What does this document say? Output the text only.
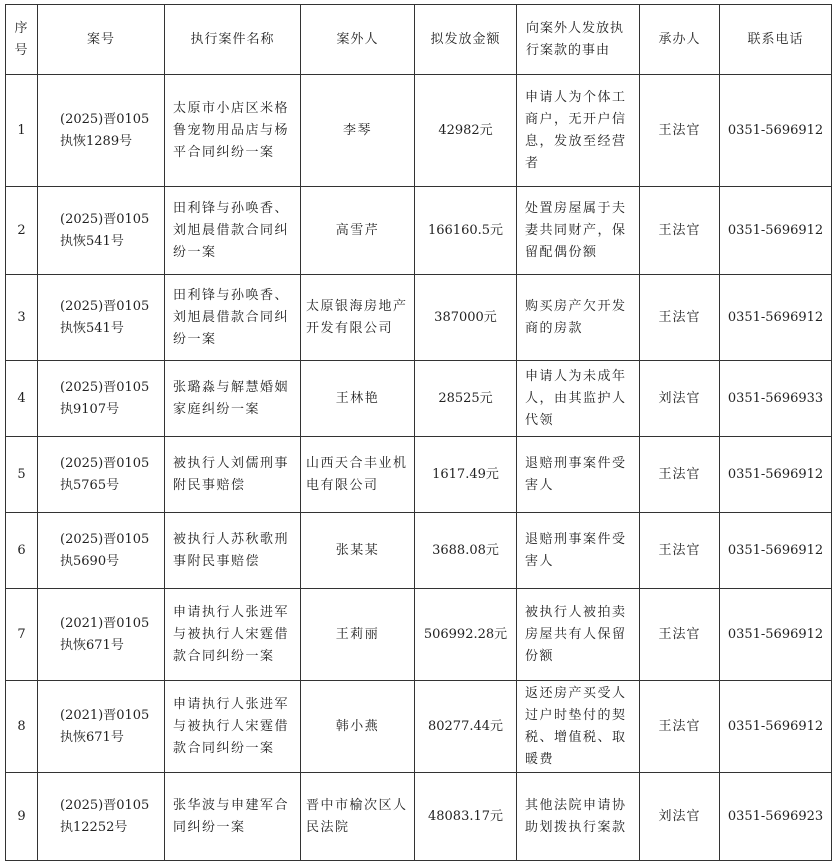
序号	案号	执行案件名称	案外人	拟发放金额	向案外人发放执行案款的事由	承办人	联系电话
1	(2025)晋0105执恢1289号	太原市小店区米格鲁宠物用品店与杨平合同纠纷一案	李琴	42982元	申请人为个体工商户，无开户信息，发放至经营者	王法官	0351-5696912
2	(2025)晋0105执恢541号	田利锋与孙唤香、刘旭晨借款合同纠纷一案	高雪芹	166160.5元	处置房屋属于夫妻共同财产，保留配偶份额	王法官	0351-5696912
3	(2025)晋0105执恢541号	田利锋与孙唤香、刘旭晨借款合同纠纷一案	太原银海房地产开发有限公司	387000元	购买房产欠开发商的房款	王法官	0351-5696912
4	(2025)晋0105执9107号	张璐淼与解慧婚姻家庭纠纷一案	王林艳	28525元	申请人为未成年人，由其监护人代领	刘法官	0351-5696933
5	(2025)晋0105执5765号	被执行人刘儒刑事附民事赔偿	山西天合丰业机电有限公司	1617.49元	退赔刑事案件受害人	王法官	0351-5696912
6	(2025)晋0105执5690号	被执行人苏秋歌刑事附民事赔偿	张某某	3688.08元	退赔刑事案件受害人	王法官	0351-5696912
7	(2021)晋0105执恢671号	申请执行人张进军与被执行人宋霆借款合同纠纷一案	王莉丽	506992.28元	被执行人被拍卖房屋共有人保留份额	王法官	0351-5696912
8	(2021)晋0105执恢671号	申请执行人张进军与被执行人宋霆借款合同纠纷一案	韩小燕	80277.44元	返还房产买受人过户时垫付的契税、增值税、取暖费	王法官	0351-5696912
9	(2025)晋0105执12252号	张华波与申建军合同纠纷一案	晋中市榆次区人民法院	48083.17元	其他法院申请协助划拨执行案款	刘法官	0351-5696923
